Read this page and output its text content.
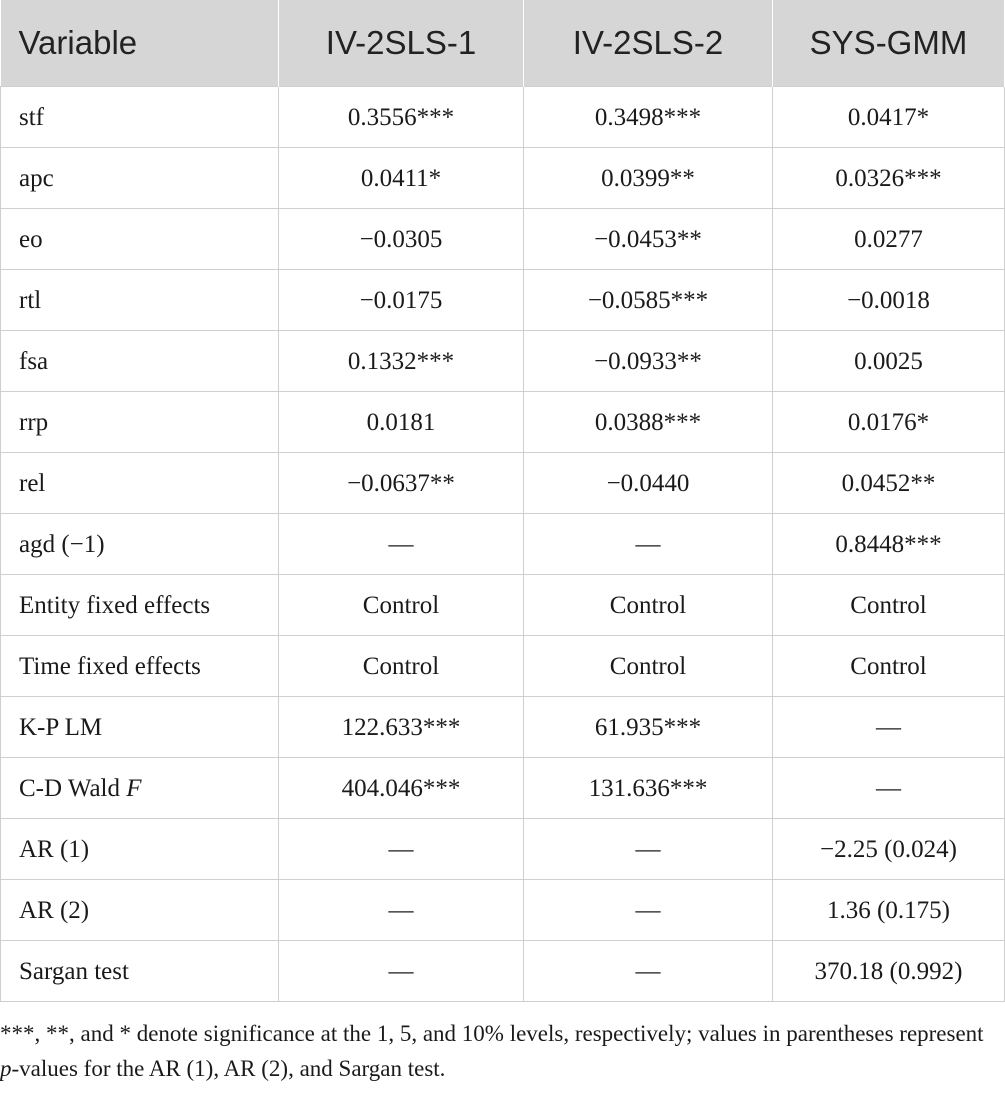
Variable	IV-2SLS-1	IV-2SLS-2	SYS-GMM
stf	0.3556***	0.3498***	0.0417*
apc	0.0411*	0.0399**	0.0326***
eo	−0.0305	−0.0453**	0.0277
rtl	−0.0175	−0.0585***	−0.0018
fsa	0.1332***	−0.0933**	0.0025
rrp	0.0181	0.0388***	0.0176*
rel	−0.0637**	−0.0440	0.0452**
agd (−1)	—	—	0.8448***
Entity fixed effects	Control	Control	Control
Time fixed effects	Control	Control	Control
K-P LM	122.633***	61.935***	—
C-D Wald F	404.046***	131.636***	—
AR (1)	—	—	−2.25 (0.024)
AR (2)	—	—	1.36 (0.175)
Sargan test	—	—	370.18 (0.992)
***, **, and * denote significance at the 1, 5, and 10% levels, respectively; values in parentheses represent p-values for the AR (1), AR (2), and Sargan test.
